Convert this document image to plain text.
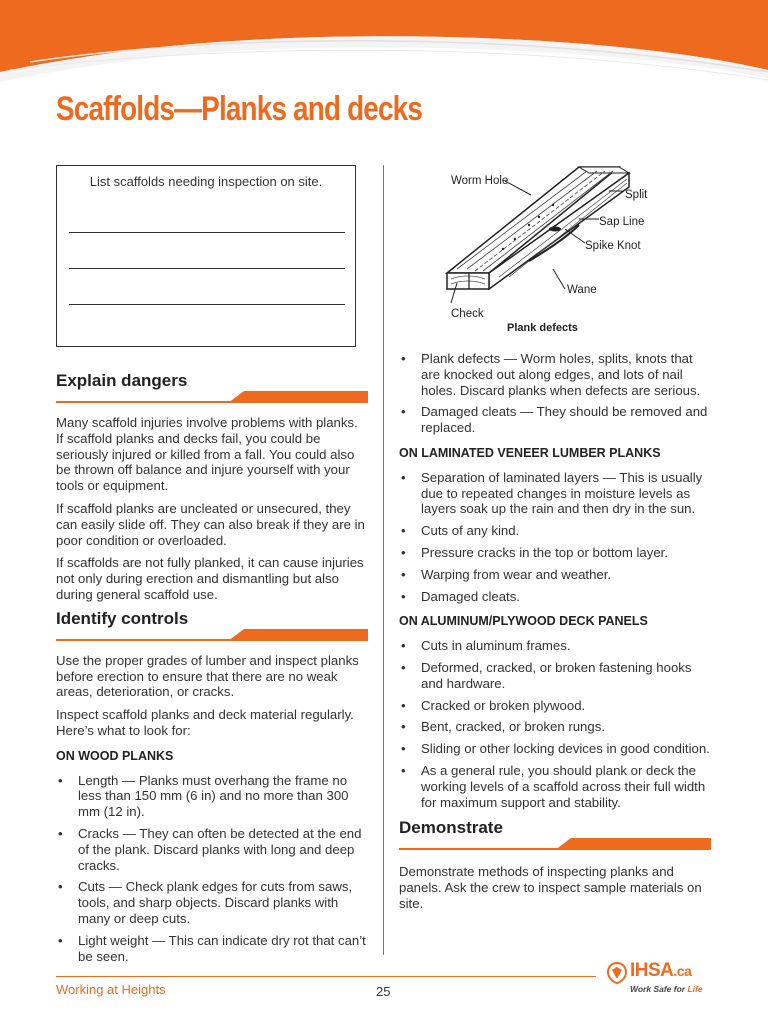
Scaffolds—Planks and decks
List scaffolds needing inspection on site.
Explain dangers

Many scaffold injuries involve problems with planks. If scaffold planks and decks fail, you could be seriously injured or killed from a fall. You could also be thrown off balance and injure yourself with your tools or equipment.

If scaffold planks are uncleated or unsecured, they can easily slide off. They can also break if they are in poor condition or overloaded.

If scaffolds are not fully planked, it can cause injuries not only during erection and dismantling but also during general scaffold use.

Identify controls

Use the proper grades of lumber and inspect planks before erection to ensure that there are no weak areas, deterioration, or cracks.

Inspect scaffold planks and deck material regularly. Here’s what to look for:

ON WOOD PLANKS
• Length — Planks must overhang the frame no less than 150 mm (6 in) and no more than 300 mm (12 in).
• Cracks — They can often be detected at the end of the plank. Discard planks with long and deep cracks.
• Cuts — Check plank edges for cuts from saws, tools, and sharp objects. Discard planks with many or deep cuts.
• Light weight — This can indicate dry rot that can’t be seen.
Worm Hole
Split
Sap Line
Spike Knot
Wane
Check
Plank defects
• Plank defects — Worm holes, splits, knots that are knocked out along edges, and lots of nail holes. Discard planks when defects are serious.
• Damaged cleats — They should be removed and replaced.
ON LAMINATED VENEER LUMBER PLANKS
• Separation of laminated layers — This is usually due to repeated changes in moisture levels as layers soak up the rain and then dry in the sun.
• Cuts of any kind.
• Pressure cracks in the top or bottom layer.
• Warping from wear and weather.
• Damaged cleats.
ON ALUMINUM/PLYWOOD DECK PANELS
• Cuts in aluminum frames.
• Deformed, cracked, or broken fastening hooks and hardware.
• Cracked or broken plywood.
• Bent, cracked, or broken rungs.
• Sliding or other locking devices in good condition.
• As a general rule, you should plank or deck the working levels of a scaffold across their full width for maximum support and stability.
Demonstrate

Demonstrate methods of inspecting planks and panels. Ask the crew to inspect sample materials on site.

Working at Heights	25
IHSA.ca
Work Safe for Life
